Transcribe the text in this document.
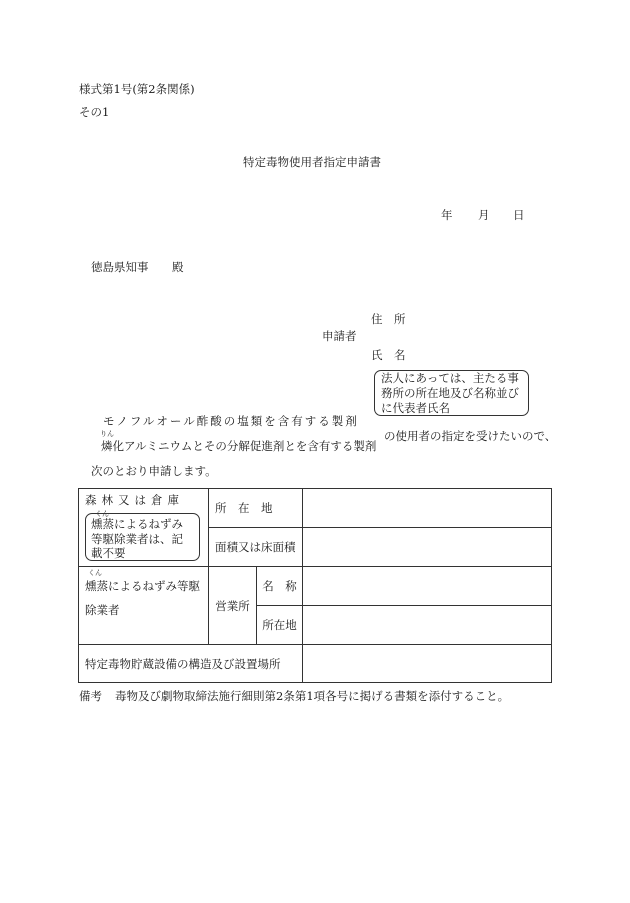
様式第1号(第2条関係)
その1
特定毒物使用者指定申請書
年 月 日
徳島県知事 殿
住　所
申請者
氏　名
法人にあっては、主たる事
務所の所在地及び名称並び
に代表者氏名
モノフルオール酢酸の塩類を含有する製剤
りん
燐化アルミニウムとその分解促進剤とを含有する製剤
の使用者の指定を受けたいので、
次のとおり申請します。
森林又は倉庫
くん
燻蒸によるねずみ
等駆除業者は、記
載不要	所　在　地		
	面積又は床面積		

くん
燻蒸によるねずみ等駆
除業者	営業所	名　称	
		所在地	
特定毒物貯蔵設備の構造及び設置場所			
備考 毒物及び劇物取締法施行細則第2条第1項各号に掲げる書類を添付すること。
